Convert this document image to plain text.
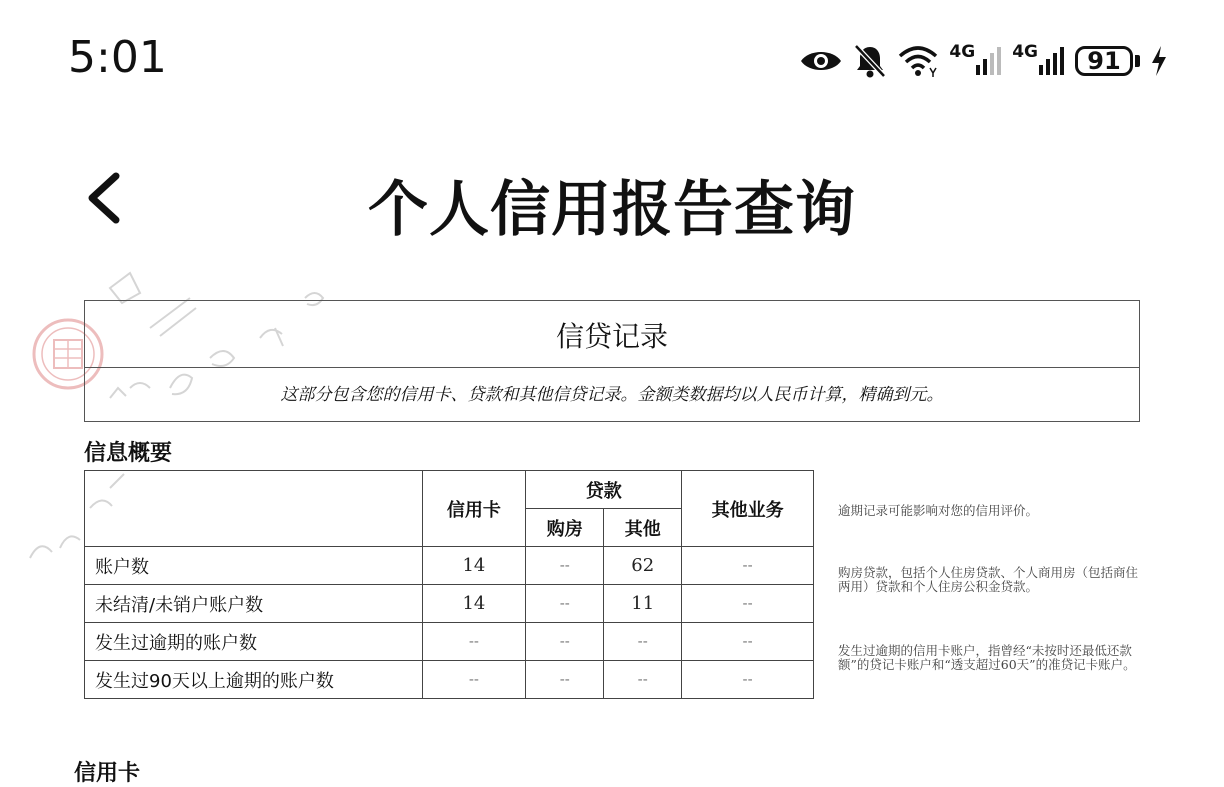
5:01	4G 4G	91
个人信用报告查询
信贷记录
这部分包含您的信用卡、贷款和其他信贷记录。金额类数据均以人民币计算，精确到元。
信息概要
	信用卡	贷款		其他业务
		购房	其他	
账户数	14	--	62	--
未结清/未销户账户数	14	--	11	--
发生过逾期的账户数	--	--	--	--
发生过90天以上逾期的账户数	--	--	--	--
逾期记录可能影响对您的信用评价。
购房贷款，包括个人住房贷款、个人商用房（包括商住两用）贷款和个人住房公积金贷款。
发生过逾期的信用卡账户，指曾经“未按时还最低还款额”的贷记卡账户和“透支超过60天”的准贷记卡账户。
信用卡
